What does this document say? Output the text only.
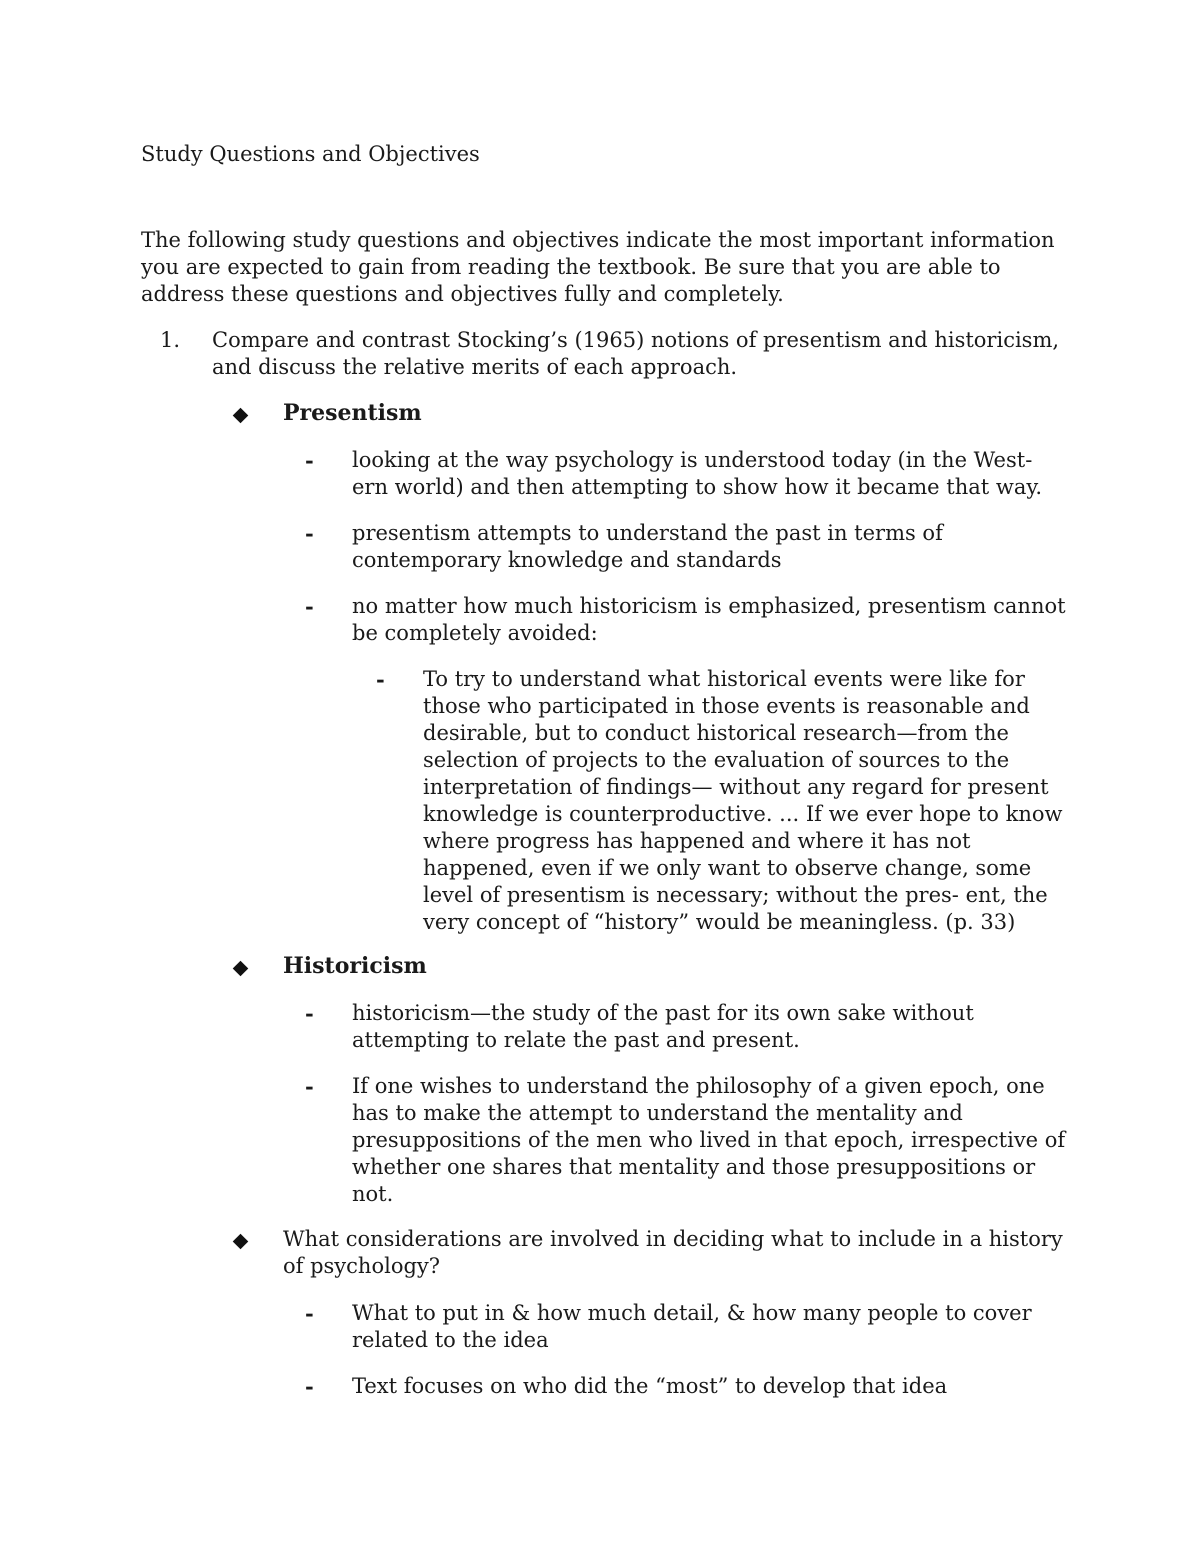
Study Questions and Objectives

The following study questions and objectives indicate the most important information you are expected to gain from reading the textbook. Be sure that you are able to address these questions and objectives fully and completely.

1. Compare and contrast Stocking’s (1965) notions of presentism and historicism, and discuss the relative merits of each approach.

Presentism
- looking at the way psychology is understood today (in the West- ern world) and then attempting to show how it became that way.

- presentism attempts to understand the past in terms of contemporary knowledge and standards

- no matter how much historicism is emphasized, presentism cannot be completely avoided:

- To try to understand what historical events were like for those who participated in those events is reasonable and desirable, but to conduct historical research—from the selection of projects to the evaluation of sources to the interpretation of findings— without any regard for present knowledge is counterproductive. ... If we ever hope to know where progress has happened and where it has not happened, even if we only want to observe change, some level of presentism is necessary; without the pres- ent, the very concept of “history” would be meaningless. (p. 33)

Historicism
- historicism—the study of the past for its own sake without attempting to relate the past and present.

- If one wishes to understand the philosophy of a given epoch, one has to make the attempt to understand the mentality and presuppositions of the men who lived in that epoch, irrespective of whether one shares that mentality and those presuppositions or not.

What considerations are involved in deciding what to include in a history of psychology?

- What to put in & how much detail, & how many people to cover related to the idea

- Text focuses on who did the “most” to develop that idea
